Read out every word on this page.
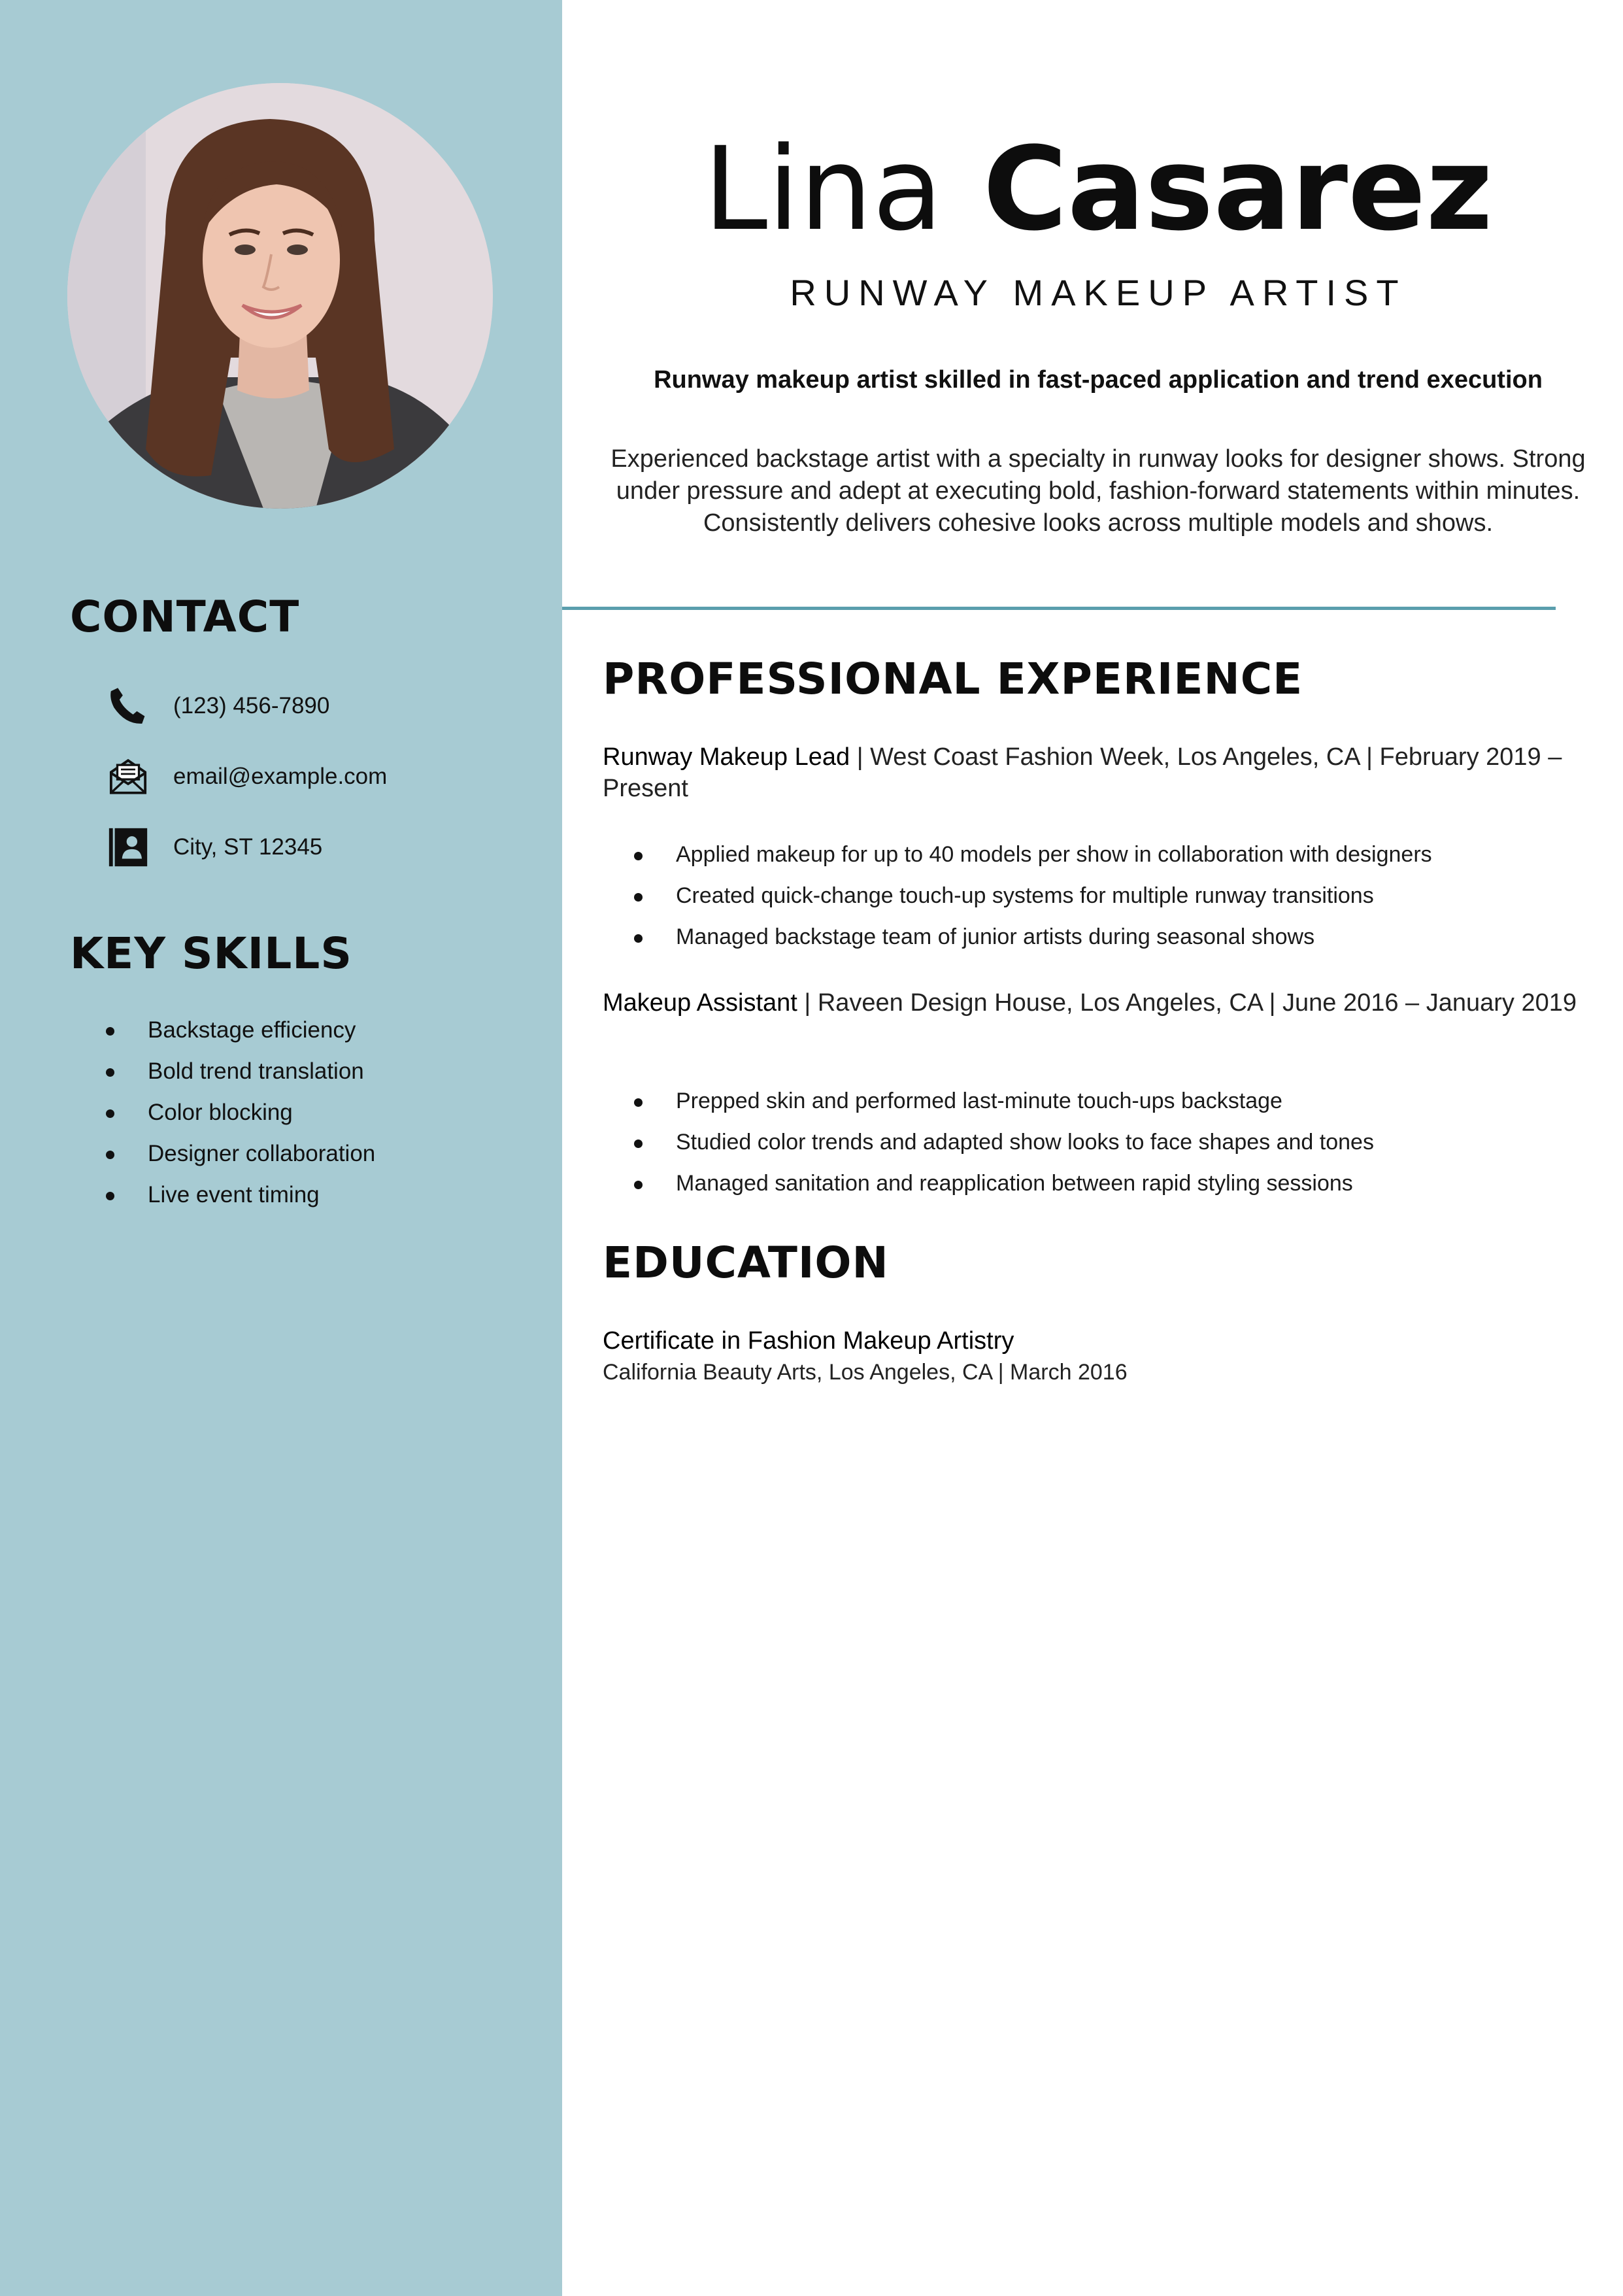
CONTACT
(123) 456-7890
email@example.com
City, ST 12345
KEY SKILLS
Backstage efficiency
Bold trend translation
Color blocking
Designer collaboration
Live event timing
Lina Casarez
RUNWAY MAKEUP ARTIST
Runway makeup artist skilled in fast-paced application and trend execution
Experienced backstage artist with a specialty in runway looks for designer shows. Strong under pressure and adept at executing bold, fashion-forward statements within minutes. Consistently delivers cohesive looks across multiple models and shows.
PROFESSIONAL EXPERIENCE
Runway Makeup Lead | West Coast Fashion Week, Los Angeles, CA | February 2019 – Present
Applied makeup for up to 40 models per show in collaboration with designers
Created quick-change touch-up systems for multiple runway transitions
Managed backstage team of junior artists during seasonal shows
Makeup Assistant | Raveen Design House, Los Angeles, CA | June 2016 – January 2019
Prepped skin and performed last-minute touch-ups backstage
Studied color trends and adapted show looks to face shapes and tones
Managed sanitation and reapplication between rapid styling sessions
EDUCATION
Certificate in Fashion Makeup Artistry
California Beauty Arts, Los Angeles, CA | March 2016
